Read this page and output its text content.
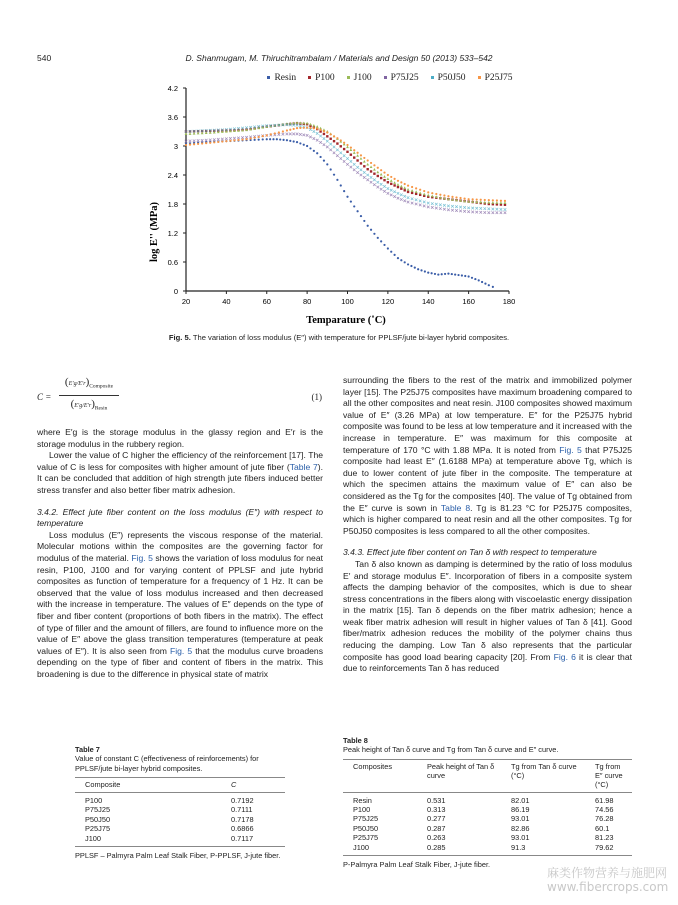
540	D. Shanmugam, M. Thiruchitrambalam / Materials and Design 50 (2013) 533–542
Resin	P100	J100	P75J25	P50J50	P25J75
0
0.6
1.2
1.8
2.4
3
3.6
4.2
20	40	60	80	100	120	140	160	180
Temparature (˚C)
log E'' (MPa)
Fig. 5. The variation of loss modulus (E″) with temperature for PPLSF/jute bi-layer hybrid composites.
C =
$(E'g/E'r)_{Composite}$
$(E'g/E'r)_{Resin}$
(1)

where E′g is the storage modulus in the glassy region and E′r is the storage modulus in the rubbery region.

Lower the value of C higher the efficiency of the reinforcement [17]. The value of C is less for composites with higher amount of jute fiber (Table 7). It can be concluded that addition of high strength jute fibers induced better stress transfer and also better fiber matrix adhesion.

3.4.2. Effect jute fiber content on the loss modulus (E″) with respect to temperature

Loss modulus (E″) represents the viscous response of the material. Molecular motions within the composites are the governing factor for modulus of the material. Fig. 5 shows the variation of loss modulus for neat resin, P100, J100 and for varying content of PPLSF and jute hybrid composites as function of temperature for a frequency of 1 Hz. It can be observed that the value of loss modulus increased and then decreased with the increase in temperature. The values of E″ depends on the type of fiber and fiber content (proportions of both fibers in the matrix). The effect of type of filler and the amount of fillers, are found to influence more on the value of E″ above the glass transition temperatures (temperature at peak values of E″). It is also seen from Fig. 5 that the modulus curve broadens depending on the type of fiber and content of fibers in the matrix. This broadening is due to the difference in physical state of matrix

surrounding the fibers to the rest of the matrix and immobilized polymer layer [15]. The P25J75 composites have maximum broadening compared to all the other composites and neat resin. J100 composites showed maximum value of E″ (3.26 MPa) at low temperature. E″ for the P25J75 hybrid composite was found to be less at low temperature and it increased with the increase in temperature. E″ was maximum for this composite at temperature of 170 °C with 1.88 MPa. It is noted from Fig. 5 that P75J25 composite had least E″ (1.6188 MPa) at temperature above Tg, which is due to lower content of jute fiber in the composite. The temperature at which the specimen attains the maximum value of E″ can also be considered as the Tg for the composites [40]. The value of Tg obtained from the E″ curve is sown in Table 8. Tg is 81.23 °C for P25J75 composites, which is higher compared to neat resin and all the other composites. Tg for P50J50 composites is less compared to all the other composites.

3.4.3. Effect jute fiber content on Tan δ with respect to temperature

Tan δ also known as damping is determined by the ratio of loss modulus E′ and storage modulus E″. Incorporation of fibers in a composite system affects the damping behavior of the composites, which is due to shear stress concentrations in the fibers along with viscoelastic energy dissipation in the matrix [15]. Tan δ depends on the fiber matrix adhesion; hence a weak fiber matrix adhesion will result in higher values of Tan δ [41]. Good fiber/matrix adhesion reduces the mobility of the polymer chains thus reducing the damping. Low Tan δ also represents that the particular composite has good load bearing capacity [20]. From Fig. 6 it is clear that due to reinforcements Tan δ has reduced

Table 7
Value of constant C (effectiveness of reinforcements) for PPLSF/jute bi-layer hybrid composites.
Composite	C
P100	0.7192
P75J25	0.7111
P50J50	0.7178
P25J75	0.6866
J100	0.7117
PPLSF – Palmyra Palm Leaf Stalk Fiber, P-PPLSF, J-jute fiber.
Table 8
Peak height of Tan δ curve and Tg from Tan δ curve and E″ curve.
Composites	Peak height of Tan δ curve	Tg from Tan δ curve (°C)	Tg from E″ curve (°C)
Resin	0.531	82.01	61.98
P100	0.313	86.19	74.56
P75J25	0.277	93.01	76.28
P50J50	0.287	82.86	60.1
P25J75	0.263	93.01	81.23
J100	0.285	91.3	79.62
P-Palmyra Palm Leaf Stalk Fiber, J-jute fiber.
麻类作物营养与施肥网
www.fibercrops.com
